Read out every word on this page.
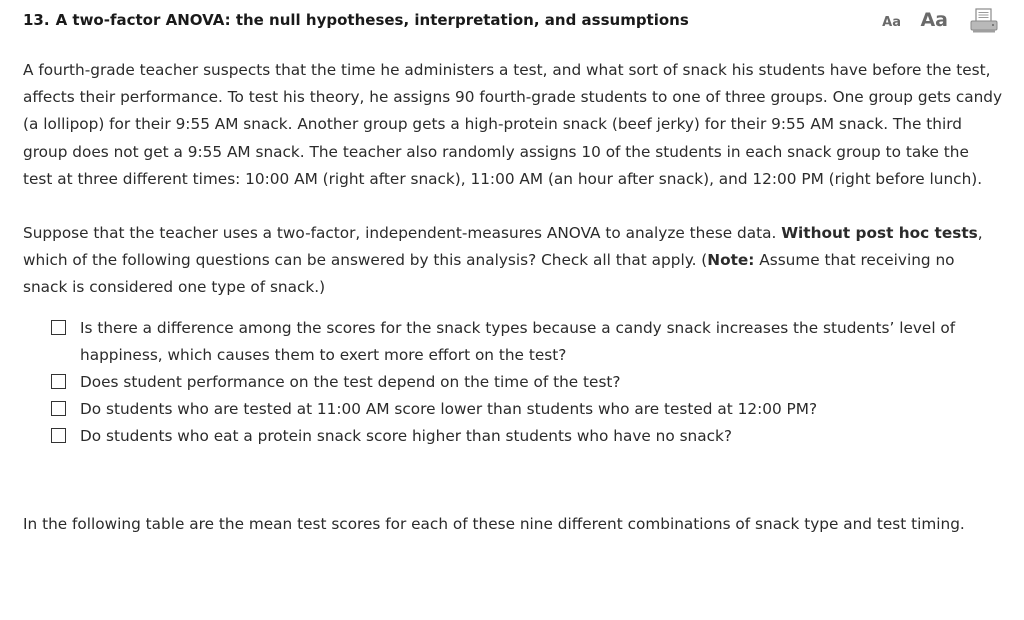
13. A two-factor ANOVA: the null hypotheses, interpretation, and assumptions	Aa Aa

A fourth-grade teacher suspects that the time he administers a test, and what sort of snack his students have before the test, affects their performance. To test his theory, he assigns 90 fourth-grade students to one of three groups. One group gets candy (a lollipop) for their 9:55 AM snack. Another group gets a high-protein snack (beef jerky) for their 9:55 AM snack. The third group does not get a 9:55 AM snack. The teacher also randomly assigns 10 of the students in each snack group to take the test at three different times: 10:00 AM (right after snack), 11:00 AM (an hour after snack), and 12:00 PM (right before lunch).

Suppose that the teacher uses a two-factor, independent-measures ANOVA to analyze these data. Without post hoc tests, which of the following questions can be answered by this analysis? Check all that apply. (Note: Assume that receiving no snack is considered one type of snack.)

Is there a difference among the scores for the snack types because a candy snack increases the students’ level of happiness, which causes them to exert more effort on the test?
Does student performance on the test depend on the time of the test?
Do students who are tested at 11:00 AM score lower than students who are tested at 12:00 PM?
Do students who eat a protein snack score higher than students who have no snack?

In the following table are the mean test scores for each of these nine different combinations of snack type and test timing.
